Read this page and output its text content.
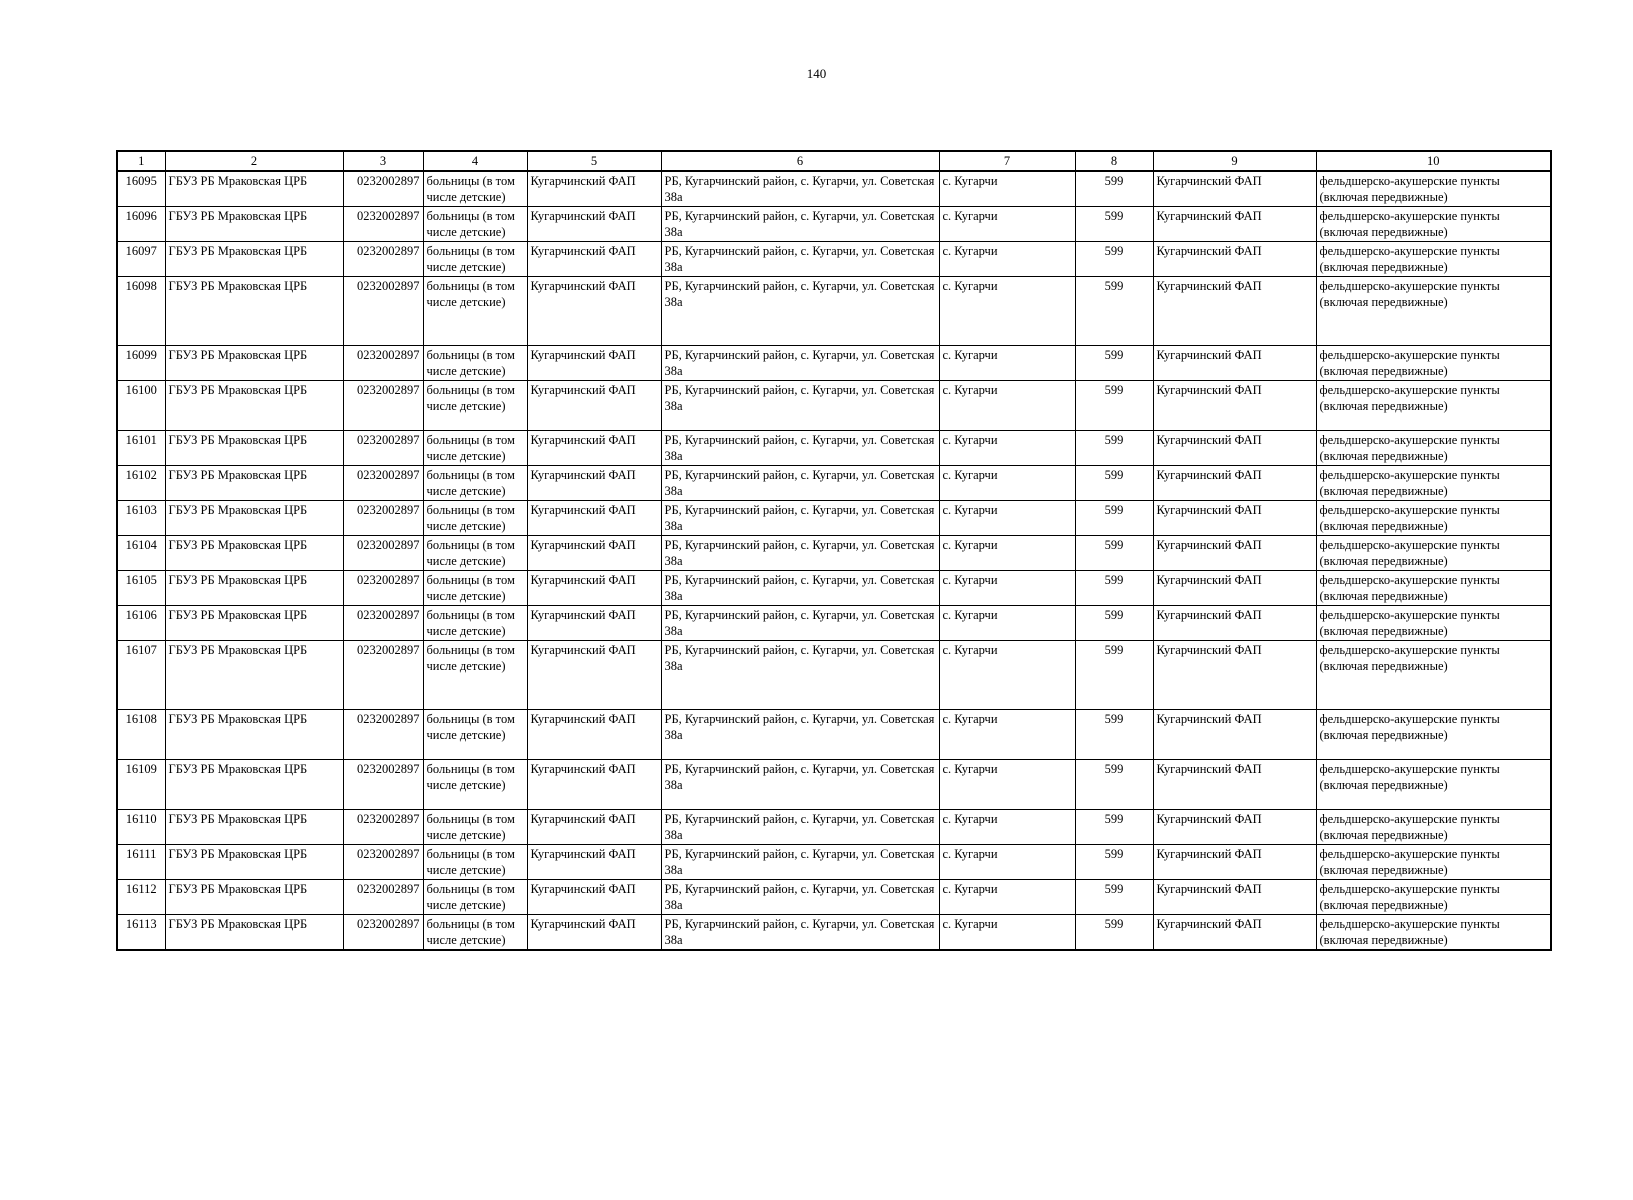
140
1	2	3	4	5	6	7	8	9	10
16095	ГБУЗ РБ Мраковская ЦРБ	0232002897	больницы (в том числе детские)	Кугарчинский ФАП	РБ, Кугарчинский район, с. Кугарчи, ул. Советская 38а	с. Кугарчи	599	Кугарчинский ФАП	фельдшерско-акушерские пункты (включая передвижные)
16096	ГБУЗ РБ Мраковская ЦРБ	0232002897	больницы (в том числе детские)	Кугарчинский ФАП	РБ, Кугарчинский район, с. Кугарчи, ул. Советская 38а	с. Кугарчи	599	Кугарчинский ФАП	фельдшерско-акушерские пункты (включая передвижные)
16097	ГБУЗ РБ Мраковская ЦРБ	0232002897	больницы (в том числе детские)	Кугарчинский ФАП	РБ, Кугарчинский район, с. Кугарчи, ул. Советская 38а	с. Кугарчи	599	Кугарчинский ФАП	фельдшерско-акушерские пункты (включая передвижные)
16098	ГБУЗ РБ Мраковская ЦРБ	0232002897	больницы (в том числе детские)	Кугарчинский ФАП	РБ, Кугарчинский район, с. Кугарчи, ул. Советская 38а	с. Кугарчи	599	Кугарчинский ФАП	фельдшерско-акушерские пункты (включая передвижные)
16099	ГБУЗ РБ Мраковская ЦРБ	0232002897	больницы (в том числе детские)	Кугарчинский ФАП	РБ, Кугарчинский район, с. Кугарчи, ул. Советская 38а	с. Кугарчи	599	Кугарчинский ФАП	фельдшерско-акушерские пункты (включая передвижные)
16100	ГБУЗ РБ Мраковская ЦРБ	0232002897	больницы (в том числе детские)	Кугарчинский ФАП	РБ, Кугарчинский район, с. Кугарчи, ул. Советская 38а	с. Кугарчи	599	Кугарчинский ФАП	фельдшерско-акушерские пункты (включая передвижные)
16101	ГБУЗ РБ Мраковская ЦРБ	0232002897	больницы (в том числе детские)	Кугарчинский ФАП	РБ, Кугарчинский район, с. Кугарчи, ул. Советская 38а	с. Кугарчи	599	Кугарчинский ФАП	фельдшерско-акушерские пункты (включая передвижные)
16102	ГБУЗ РБ Мраковская ЦРБ	0232002897	больницы (в том числе детские)	Кугарчинский ФАП	РБ, Кугарчинский район, с. Кугарчи, ул. Советская 38а	с. Кугарчи	599	Кугарчинский ФАП	фельдшерско-акушерские пункты (включая передвижные)
16103	ГБУЗ РБ Мраковская ЦРБ	0232002897	больницы (в том числе детские)	Кугарчинский ФАП	РБ, Кугарчинский район, с. Кугарчи, ул. Советская 38а	с. Кугарчи	599	Кугарчинский ФАП	фельдшерско-акушерские пункты (включая передвижные)
16104	ГБУЗ РБ Мраковская ЦРБ	0232002897	больницы (в том числе детские)	Кугарчинский ФАП	РБ, Кугарчинский район, с. Кугарчи, ул. Советская 38а	с. Кугарчи	599	Кугарчинский ФАП	фельдшерско-акушерские пункты (включая передвижные)
16105	ГБУЗ РБ Мраковская ЦРБ	0232002897	больницы (в том числе детские)	Кугарчинский ФАП	РБ, Кугарчинский район, с. Кугарчи, ул. Советская 38а	с. Кугарчи	599	Кугарчинский ФАП	фельдшерско-акушерские пункты (включая передвижные)
16106	ГБУЗ РБ Мраковская ЦРБ	0232002897	больницы (в том числе детские)	Кугарчинский ФАП	РБ, Кугарчинский район, с. Кугарчи, ул. Советская 38а	с. Кугарчи	599	Кугарчинский ФАП	фельдшерско-акушерские пункты (включая передвижные)
16107	ГБУЗ РБ Мраковская ЦРБ	0232002897	больницы (в том числе детские)	Кугарчинский ФАП	РБ, Кугарчинский район, с. Кугарчи, ул. Советская 38а	с. Кугарчи	599	Кугарчинский ФАП	фельдшерско-акушерские пункты (включая передвижные)
16108	ГБУЗ РБ Мраковская ЦРБ	0232002897	больницы (в том числе детские)	Кугарчинский ФАП	РБ, Кугарчинский район, с. Кугарчи, ул. Советская 38а	с. Кугарчи	599	Кугарчинский ФАП	фельдшерско-акушерские пункты (включая передвижные)
16109	ГБУЗ РБ Мраковская ЦРБ	0232002897	больницы (в том числе детские)	Кугарчинский ФАП	РБ, Кугарчинский район, с. Кугарчи, ул. Советская 38а	с. Кугарчи	599	Кугарчинский ФАП	фельдшерско-акушерские пункты (включая передвижные)
16110	ГБУЗ РБ Мраковская ЦРБ	0232002897	больницы (в том числе детские)	Кугарчинский ФАП	РБ, Кугарчинский район, с. Кугарчи, ул. Советская 38а	с. Кугарчи	599	Кугарчинский ФАП	фельдшерско-акушерские пункты (включая передвижные)
16111	ГБУЗ РБ Мраковская ЦРБ	0232002897	больницы (в том числе детские)	Кугарчинский ФАП	РБ, Кугарчинский район, с. Кугарчи, ул. Советская 38а	с. Кугарчи	599	Кугарчинский ФАП	фельдшерско-акушерские пункты (включая передвижные)
16112	ГБУЗ РБ Мраковская ЦРБ	0232002897	больницы (в том числе детские)	Кугарчинский ФАП	РБ, Кугарчинский район, с. Кугарчи, ул. Советская 38а	с. Кугарчи	599	Кугарчинский ФАП	фельдшерско-акушерские пункты (включая передвижные)
16113	ГБУЗ РБ Мраковская ЦРБ	0232002897	больницы (в том числе детские)	Кугарчинский ФАП	РБ, Кугарчинский район, с. Кугарчи, ул. Советская 38а	с. Кугарчи	599	Кугарчинский ФАП	фельдшерско-акушерские пункты (включая передвижные)
